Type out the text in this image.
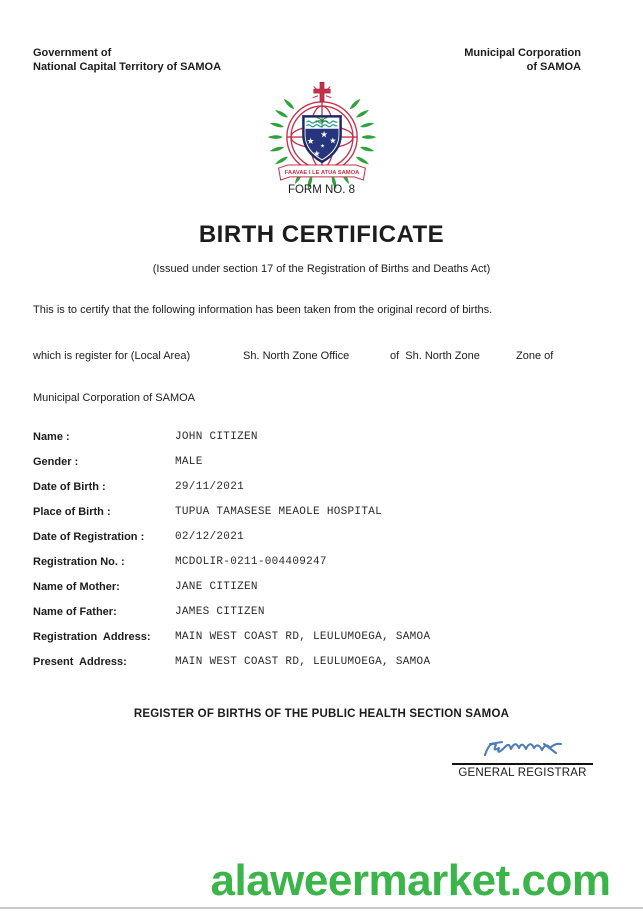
Government of
National Capital Territory of SAMOA
Municipal Corporation
of SAMOA
FAAVAE I LE ATUA SAMOA
FORM NO. 8
BIRTH CERTIFICATE
(Issued under section 17 of the Registration of Births and Deaths Act)
This is to certify that the following information has been taken from the original record of births.
which is register for (Local Area)	Sh. North Zone Office	of  Sh. North Zone	Zone of
Municipal Corporation of SAMOA
Name :	JOHN CITIZEN
Gender :	MALE
Date of Birth :	29/11/2021
Place of Birth :	TUPUA TAMASESE MEAOLE HOSPITAL
Date of Registration :	02/12/2021
Registration No. :	MCDOLIR-0211-004409247
Name of Mother:	JANE CITIZEN
Name of Father:	JAMES CITIZEN
Registration  Address: MAIN WEST COAST RD, LEULUMOEGA, SAMOA
Present  Address:	MAIN WEST COAST RD, LEULUMOEGA, SAMOA
REGISTER OF BIRTHS OF THE PUBLIC HEALTH SECTION SAMOA
GENERAL REGISTRAR
alaweermarket.com
